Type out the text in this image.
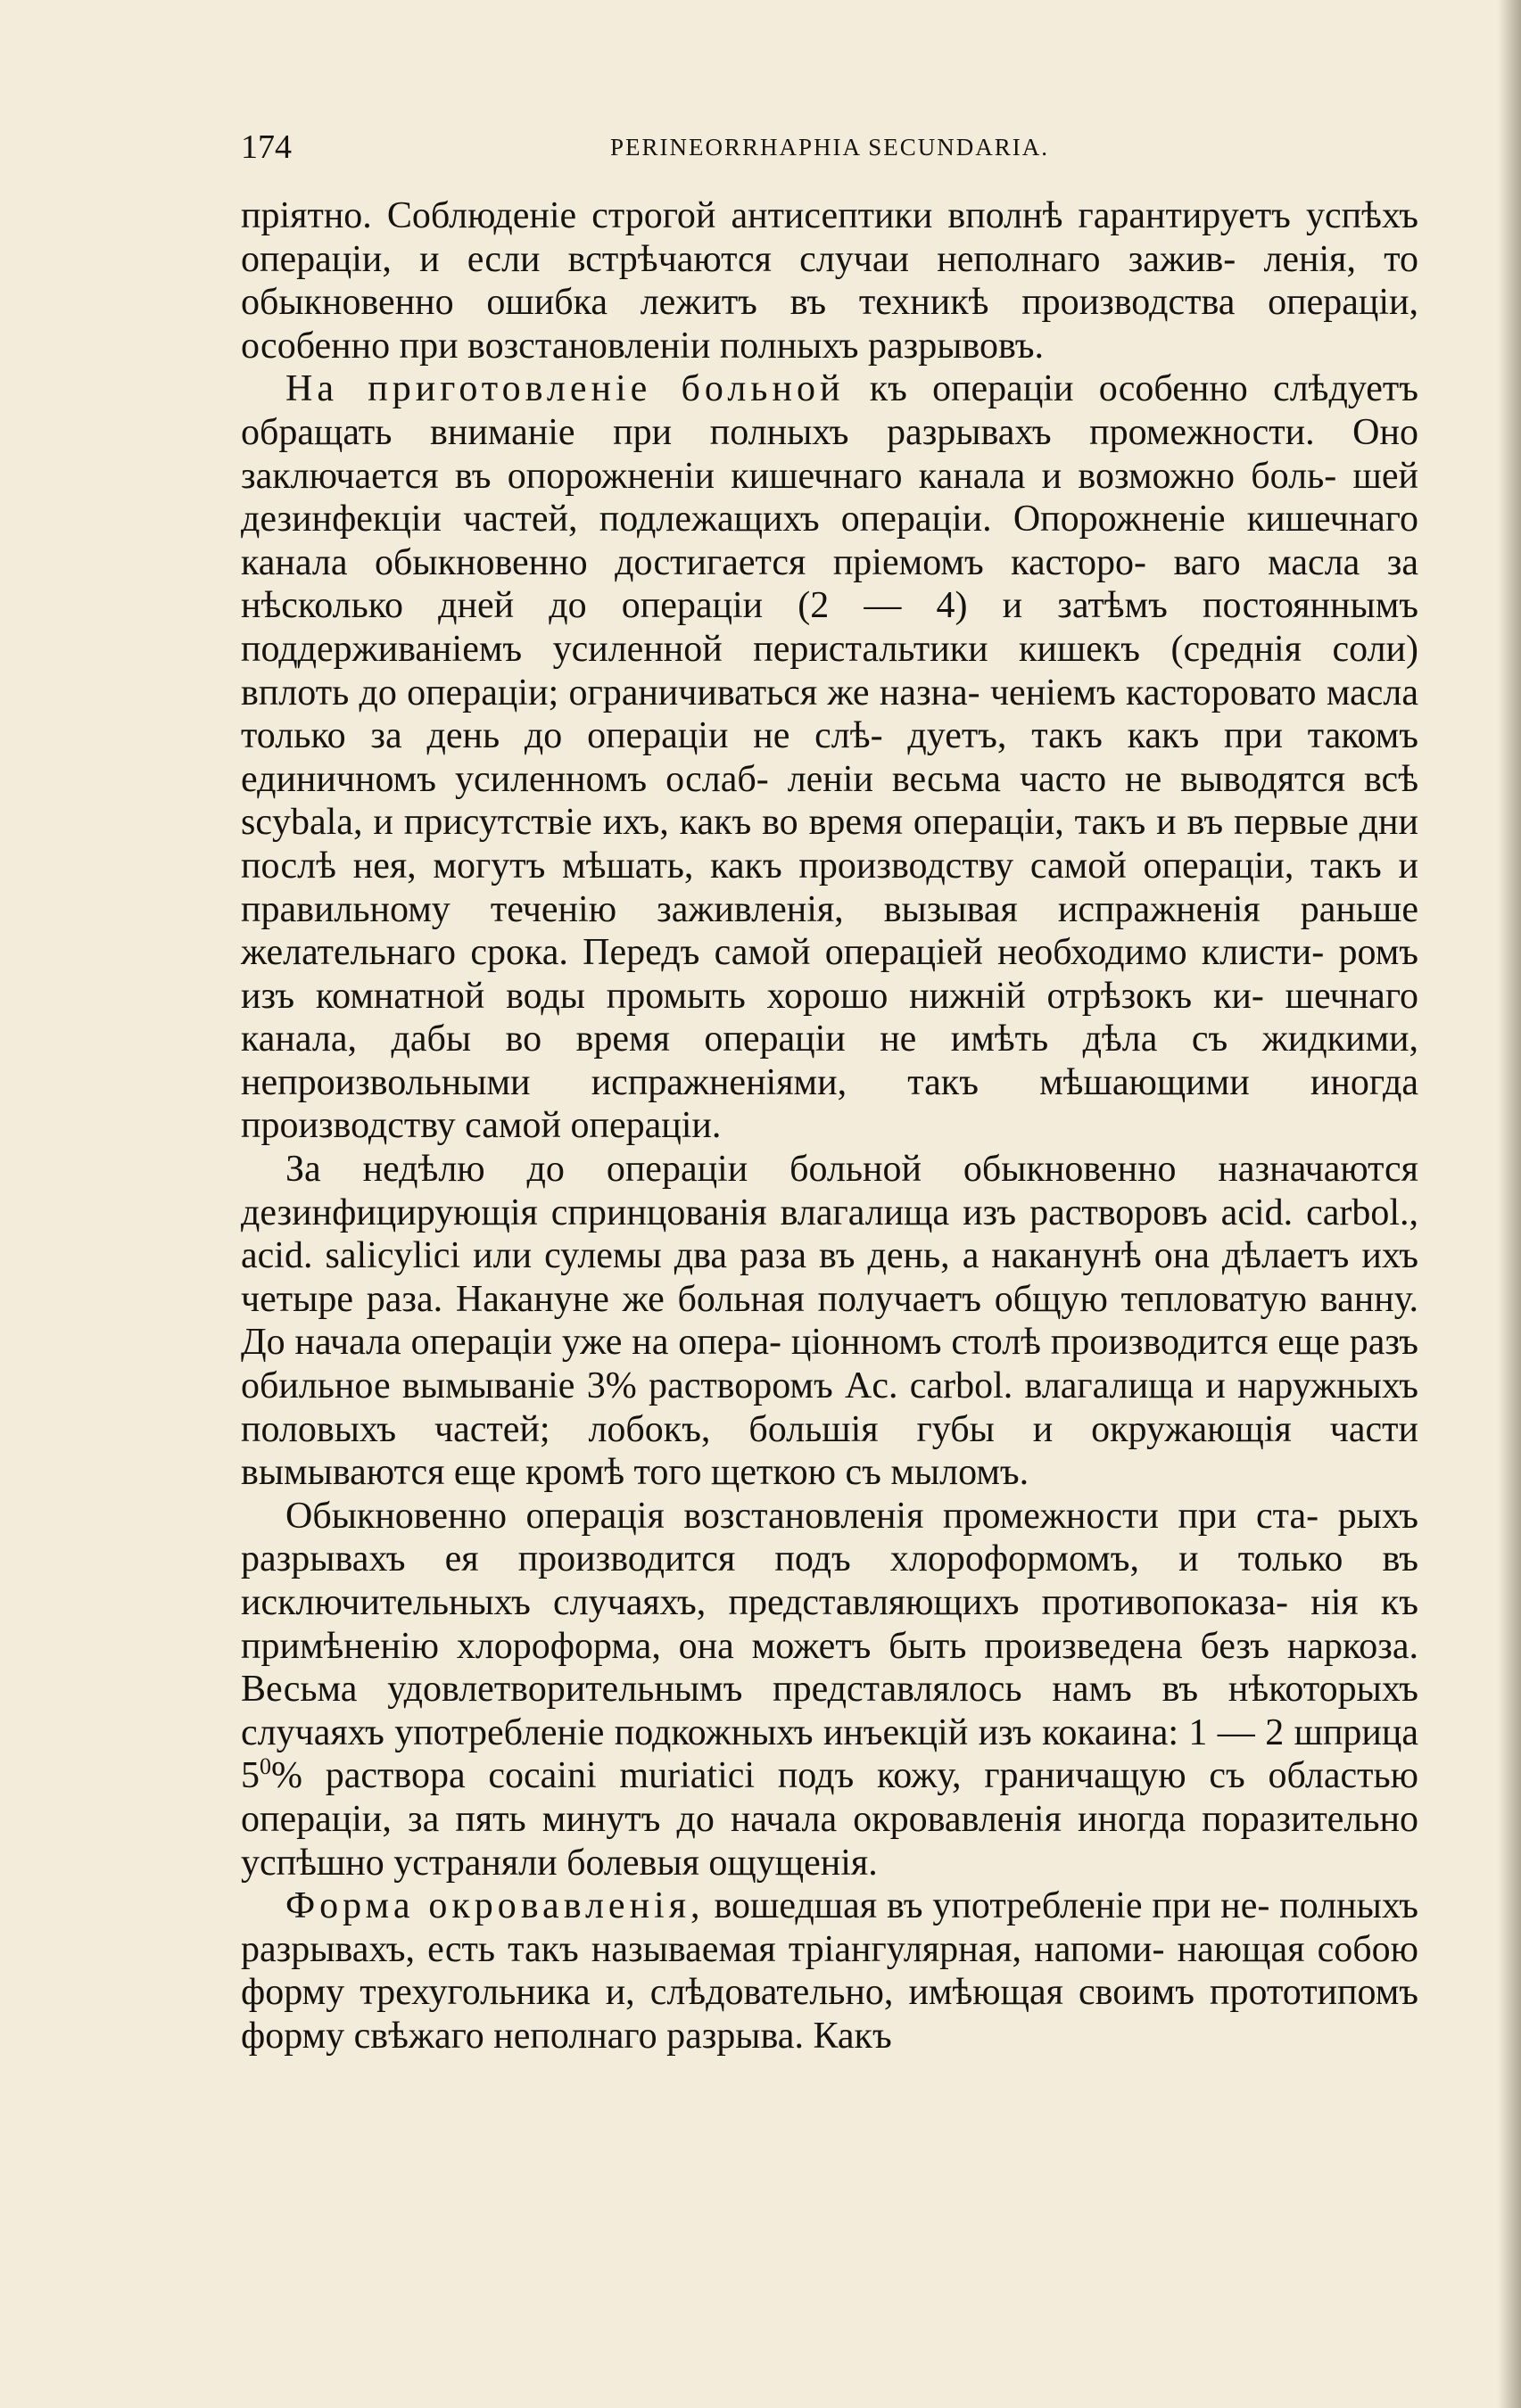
174	PERINEORRHAPHIA SECUNDARIA.

пріятно. Соблюденіе строгой антисептики вполнѣ гарантируетъ успѣхъ операціи, и если встрѣчаются случаи неполнаго зажив- ленія, то обыкновенно ошибка лежитъ въ техникѣ производства операціи, особенно при возстановленіи полныхъ разрывовъ.

На приготовленіе больной къ операціи особенно слѣдуетъ обращать вниманіе при полныхъ разрывахъ промежности. Оно заключается въ опорожненіи кишечнаго канала и возможно боль- шей дезинфекціи частей, подлежащихъ операціи. Опорожненіе кишечнаго канала обыкновенно достигается пріемомъ касторо- ваго масла за нѣсколько дней до операціи (2 — 4) и затѣмъ постояннымъ поддерживаніемъ усиленной перистальтики кишекъ (среднія соли) вплоть до операціи; ограничиваться же назна- ченіемъ касторовато масла только за день до операціи не слѣ- дуетъ, такъ какъ при такомъ единичномъ усиленномъ ослаб- леніи весьма часто не выводятся всѣ scybala, и присутствіе ихъ, какъ во время операціи, такъ и въ первые дни послѣ нея, могутъ мѣшать, какъ производству самой операціи, такъ и правильному теченію заживленія, вызывая испражненія раньше желательнаго срока. Передъ самой операціей необходимо клисти- ромъ изъ комнатной воды промыть хорошо нижній отрѣзокъ ки- шечнаго канала, дабы во время операціи не имѣть дѣла съ жидкими, непроизвольными испражненіями, такъ мѣшающими иногда производству самой операціи.

За недѣлю до операціи больной обыкновенно назначаются дезинфицирующія спринцованія влагалища изъ растворовъ acid. carbol., acid. salicylici или сулемы два раза въ день, а наканунѣ она дѣлаетъ ихъ четыре раза. Накануне же больная получаетъ общую тепловатую ванну. До начала операціи уже на опера- ціонномъ столѣ производится еще разъ обильное вымываніе 3% растворомъ Ac. carbol. влагалища и наружныхъ половыхъ частей; лобокъ, большія губы и окружающія части вымываются еще кромѣ того щеткою съ мыломъ.

Обыкновенно операція возстановленія промежности при ста- рыхъ разрывахъ ея производится подъ хлороформомъ, и только въ исключительныхъ случаяхъ, представляющихъ противопоказа- нія къ примѣненію хлороформа, она можетъ быть произведена безъ наркоза. Весьма удовлетворительнымъ представлялось намъ въ нѣкоторыхъ случаяхъ употребленіе подкожныхъ инъекцій изъ кокаина: 1 — 2 шприца $5^0\%$ раствора cocaini muriatici подъ кожу, граничащую съ областью операціи, за пять минутъ до начала окровавленія иногда поразительно успѣшно устраняли болевыя ощущенія.

Форма окровавленія, вошедшая въ употребленіе при не- полныхъ разрывахъ, есть такъ называемая тріангулярная, напоми- нающая собою форму трехугольника и, слѣдовательно, имѣющая своимъ прототипомъ форму свѣжаго неполнаго разрыва. Какъ
